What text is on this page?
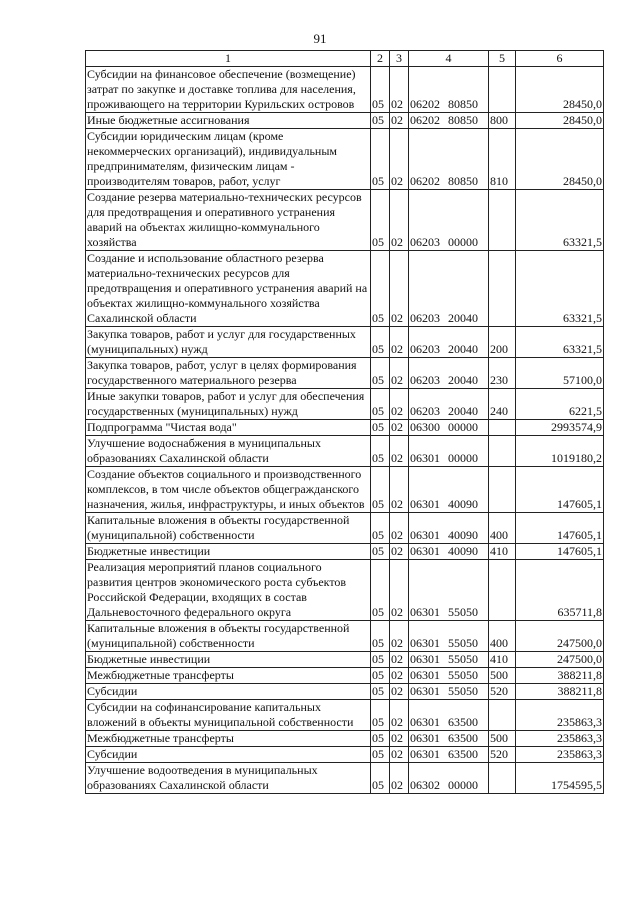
91
1	2	3	4	5	6
Субсидии на финансовое обеспечение (возмещение) затрат по закупке и доставке топлива для населения, проживающего на территории Курильских островов	05	02	06202 80850		28450,0
Иные бюджетные ассигнования	05	02	06202 80850	800	28450,0
Субсидии юридическим лицам (кроме некоммерческих организаций), индивидуальным предпринимателям, физическим лицам - производителям товаров, работ, услуг	05	02	06202 80850	810	28450,0
Создание резерва материально-технических ресурсов для предотвращения и оперативного устранения аварий на объектах жилищно-коммунального хозяйства	05	02	06203 00000		63321,5
Создание и использование областного резерва материально-технических ресурсов для предотвращения и оперативного устранения аварий на объектах жилищно-коммунального хозяйства Сахалинской области	05	02	06203 20040		63321,5
Закупка товаров, работ и услуг для государственных (муниципальных) нужд	05	02	06203 20040	200	63321,5
Закупка товаров, работ, услуг в целях формирования государственного материального резерва	05	02	06203 20040	230	57100,0
Иные закупки товаров, работ и услуг для обеспечения государственных (муниципальных) нужд	05	02	06203 20040	240	6221,5
Подпрограмма "Чистая вода"	05	02	06300 00000		2993574,9
Улучшение водоснабжения в муниципальных образованиях Сахалинской области	05	02	06301 00000		1019180,2
Создание объектов социального и производственного комплексов, в том числе объектов общегражданского назначения, жилья, инфраструктуры, и иных объектов	05	02	06301 40090		147605,1
Капитальные вложения в объекты государственной (муниципальной) собственности	05	02	06301 40090	400	147605,1
Бюджетные инвестиции	05	02	06301 40090	410	147605,1
Реализация мероприятий планов социального развития центров экономического роста субъектов Российской Федерации, входящих в состав Дальневосточного федерального округа	05	02	06301 55050		635711,8
Капитальные вложения в объекты государственной (муниципальной) собственности	05	02	06301 55050	400	247500,0
Бюджетные инвестиции	05	02	06301 55050	410	247500,0
Межбюджетные трансферты	05	02	06301 55050	500	388211,8
Субсидии	05	02	06301 55050	520	388211,8
Субсидии на софинансирование капитальных вложений в объекты муниципальной собственности	05	02	06301 63500		235863,3
Межбюджетные трансферты	05	02	06301 63500	500	235863,3
Субсидии	05	02	06301 63500	520	235863,3
Улучшение водоотведения в муниципальных образованиях Сахалинской области	05	02	06302 00000		1754595,5
